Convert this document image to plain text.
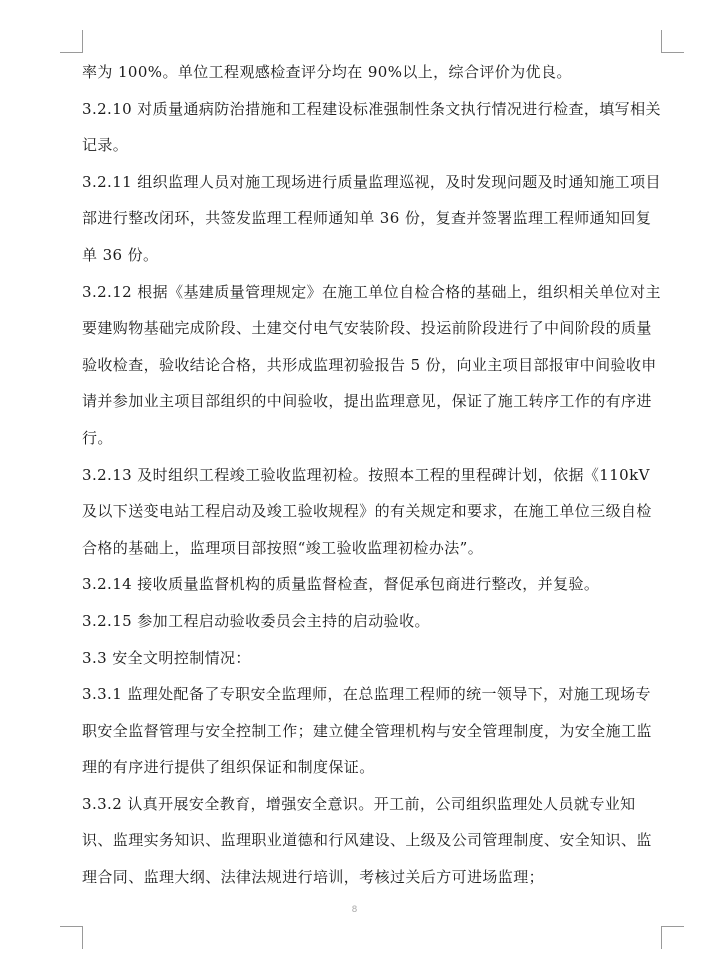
率为 100%。单位工程观感检查评分均在 90%以上，综合评价为优良。

3.2.10 对质量通病防治措施和工程建设标准强制性条文执行情况进行检查，填写相关记录。

3.2.11 组织监理人员对施工现场进行质量监理巡视，及时发现问题及时通知施工项目部进行整改闭环，共签发监理工程师通知单 36 份，复查并签署监理工程师通知回复单 36 份。

3.2.12 根据《基建质量管理规定》在施工单位自检合格的基础上，组织相关单位对主要建购物基础完成阶段、土建交付电气安装阶段、投运前阶段进行了中间阶段的质量验收检查，验收结论合格，共形成监理初验报告 5 份，向业主项目部报审中间验收申请并参加业主项目部组织的中间验收，提出监理意见，保证了施工转序工作的有序进行。

3.2.13 及时组织工程竣工验收监理初检。按照本工程的里程碑计划，依据《110kV 及以下送变电站工程启动及竣工验收规程》的有关规定和要求，在施工单位三级自检合格的基础上，监理项目部按照“竣工验收监理初检办法”。

3.2.14 接收质量监督机构的质量监督检查，督促承包商进行整改，并复验。

3.2.15 参加工程启动验收委员会主持的启动验收。

3.3 安全文明控制情况：

3.3.1 监理处配备了专职安全监理师，在总监理工程师的统一领导下，对施工现场专职安全监督管理与安全控制工作；建立健全管理机构与安全管理制度，为安全施工监理的有序进行提供了组织保证和制度保证。

3.3.2 认真开展安全教育，增强安全意识。开工前，公司组织监理处人员就专业知识、监理实务知识、监理职业道德和行风建设、上级及公司管理制度、安全知识、监理合同、监理大纲、法律法规进行培训，考核过关后方可进场监理；

8
